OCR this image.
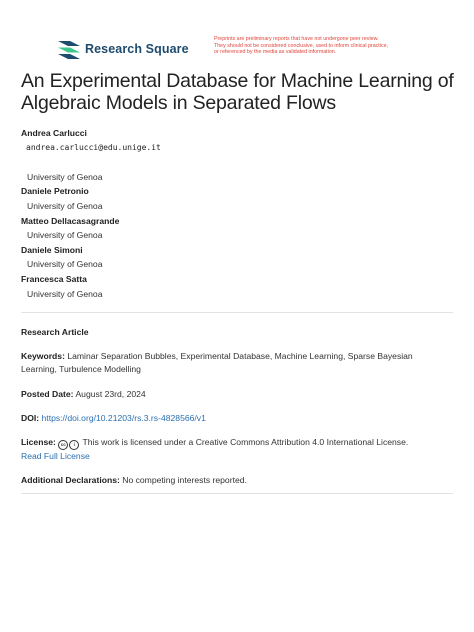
Research Square
Preprints are preliminary reports that have not undergone peer review.
They should not be considered conclusive, used to inform clinical practice,
or referenced by the media as validated information.
An Experimental Database for Machine Learning of
Algebraic Models in Separated Flows
Andrea Carlucci
andrea.carlucci@edu.unige.it
University of Genoa
Daniele Petronio
University of Genoa
Matteo Dellacasagrande
University of Genoa
Daniele Simoni
University of Genoa
Francesca Satta
University of Genoa
Research Article
Keywords: Laminar Separation Bubbles, Experimental Database, Machine Learning, Sparse Bayesian
Learning, Turbulence Modelling
Posted Date: August 23rd, 2024
DOI: https://doi.org/10.21203/rs.3.rs-4828566/v1
License: cc i This work is licensed under a Creative Commons Attribution 4.0 International License.
Read Full License
Additional Declarations: No competing interests reported.
